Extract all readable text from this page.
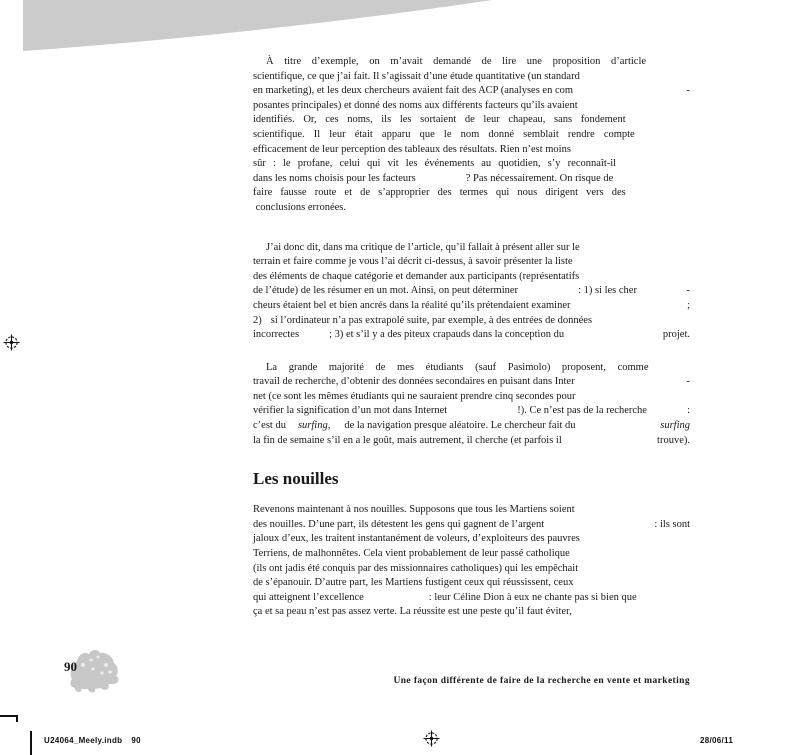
À titre d’exemple, on m’avait demandé de lire une proposition d’article
scientifique, ce que j’ai fait. Il s’agissait d’une étude quantitative (un standard
en marketing), et les deux chercheurs avaient fait des ACP (analyses en com	-
posantes principales) et donné des noms aux différents facteurs qu’ils avaient
identifiés. Or, ces noms, ils les sortaient de leur chapeau, sans fondement
scientifique. Il leur était apparu que le nom donné semblait rendre compte
efficacement de leur perception des tableaux des résultats. Rien n’est moins
sûr : le profane, celui qui vit les événements au quotidien, s’y reconnaît-il
dans les noms choisis pour les facteurs	? Pas nécessairement. On risque de
faire fausse route et de s’approprier des termes qui nous dirigent vers des
conclusions erronées.
J’ai donc dit, dans ma critique de l’article, qu’il fallait à présent aller sur le
terrain et faire comme je vous l’ai décrit ci-dessus, à savoir présenter la liste
des éléments de chaque catégorie et demander aux participants (représentatifs
de l’étude) de les résumer en un mot. Ainsi, on peut déterminer	: 1) si les cher	-
cheurs étaient bel et bien ancrés dans la réalité qu’ils prétendaient examiner	;
2) si l’ordinateur n’a pas extrapolé suite, par exemple, à des entrées de données
incorrectes	; 3) et s’il y a des piteux crapauds dans la conception du	projet.
La grande majorité de mes étudiants (sauf Pasimolo) proposent, comme
travail de recherche, d’obtenir des données secondaires en puisant dans Inter	-
net (ce sont les mêmes étudiants qui ne sauraient prendre cinq secondes pour
vérifier la signification d’un mot dans Internet	!). Ce n’est pas de la recherche	:
c’est du surfing, de la navigation presque aléatoire. Le chercheur fait du	surfing
la fin de semaine s’il en a le goût, mais autrement, il cherche (et parfois il	trouve).
Les nouilles
Revenons maintenant à nos nouilles. Supposons que tous les Martiens soient
des nouilles. D’une part, ils détestent les gens qui gagnent de l’argent	: ils sont
jaloux d’eux, les traitent instantanément de voleurs, d’exploiteurs des pauvres
Terriens, de malhonnêtes. Cela vient probablement de leur passé catholique
(ils ont jadis été conquis par des missionnaires catholiques) qui les empêchait
de s’épanouir. D’autre part, les Martiens fustigent ceux qui réussissent, ceux
qui atteignent l’excellence	: leur Céline Dion à eux ne chante pas si bien que
ça et sa peau n’est pas assez verte. La réussite est une peste qu’il faut éviter,
90
Une façon différente de faire de la recherche en vente et marketing
U24064_Meely.indb 90	28/06/11
